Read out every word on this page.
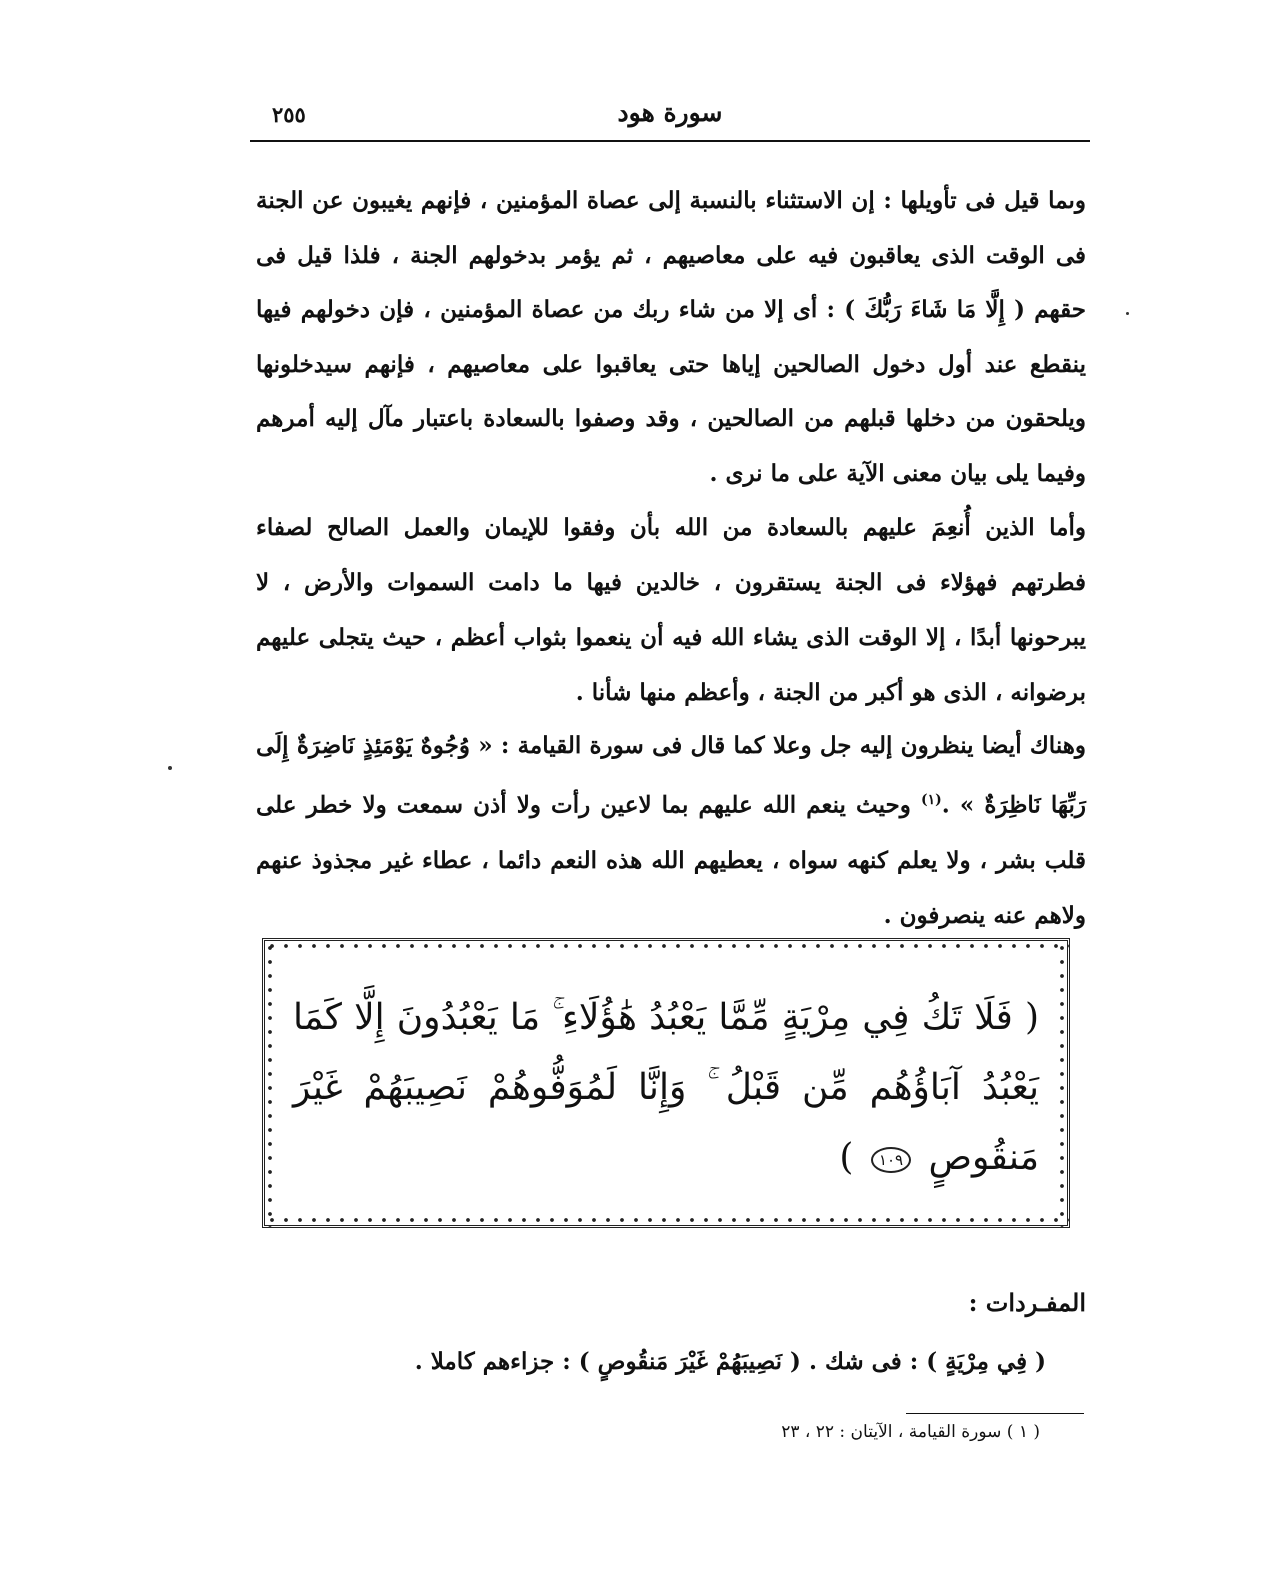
٢٥٥	سورة هود

وىما قيل فى تأويلها : إن الاستثناء بالنسبة إلى عصاة المؤمنين ، فإنهم يغيبون عن الجنة فى الوقت الذى يعاقبون فيه على معاصيهم ، ثم يؤمر بدخولهم الجنة ، فلذا قيل فى حقهم ( إِلَّا مَا شَاءَ رَبُّكَ ) : أى إلا من شاء ربك من عصاة المؤمنين ، فإن دخولهم فيها ينقطع عند أول دخول الصالحين إياها حتى يعاقبوا على معاصيهم ، فإنهم سيدخلونها ويلحقون من دخلها قبلهم من الصالحين ، وقد وصفوا بالسعادة باعتبار مآل إليه أمرهم وفيما يلى بيان معنى الآية على ما نرى .

وأما الذين أُنعِمَ عليهم بالسعادة من الله بأن وفقوا للإيمان والعمل الصالح لصفاء فطرتهم فهؤلاء فى الجنة يستقرون ، خالدين فيها ما دامت السموات والأرض ، لا يبرحونها أبدًا ، إلا الوقت الذى يشاء الله فيه أن ينعموا بثواب أعظم ، حيث يتجلى عليهم برضوانه ، الذى هو أكبر من الجنة ، وأعظم منها شأنا .

وهناك أيضا ينظرون إليه جل وعلا كما قال فى سورة القيامة : « وُجُوهٌ يَوْمَئِذٍ نَاضِرَةٌ إِلَى رَبِّهَا نَاظِرَةٌ » .$^{(١)}$ وحيث ينعم الله عليهم بما لاعين رأت ولا أذن سمعت ولا خطر على قلب بشر ، ولا يعلم كنهه سواه ، يعطيهم الله هذه النعم دائما ، عطاء غير مجذوذ عنهم ولاهم عنه ينصرفون .

( فَلَا تَكُ فِي مِرْيَةٍ مِّمَّا يَعْبُدُ هَٰؤُلَاءِ ۚ مَا يَعْبُدُونَ إِلَّا كَمَا يَعْبُدُ آبَاؤُهُم مِّن قَبْلُ ۚ وَإِنَّا لَمُوَفُّوهُمْ نَصِيبَهُمْ غَيْرَ مَنقُوصٍ ١٠٩ )
المفـردات :
( فِي مِرْيَةٍ ) : فى شك . ( نَصِيبَهُمْ غَيْرَ مَنقُوصٍ ) : جزاءهم كاملا .
( ١ ) سورة القيامة ، الآيتان : ٢٢ ، ٢٣
